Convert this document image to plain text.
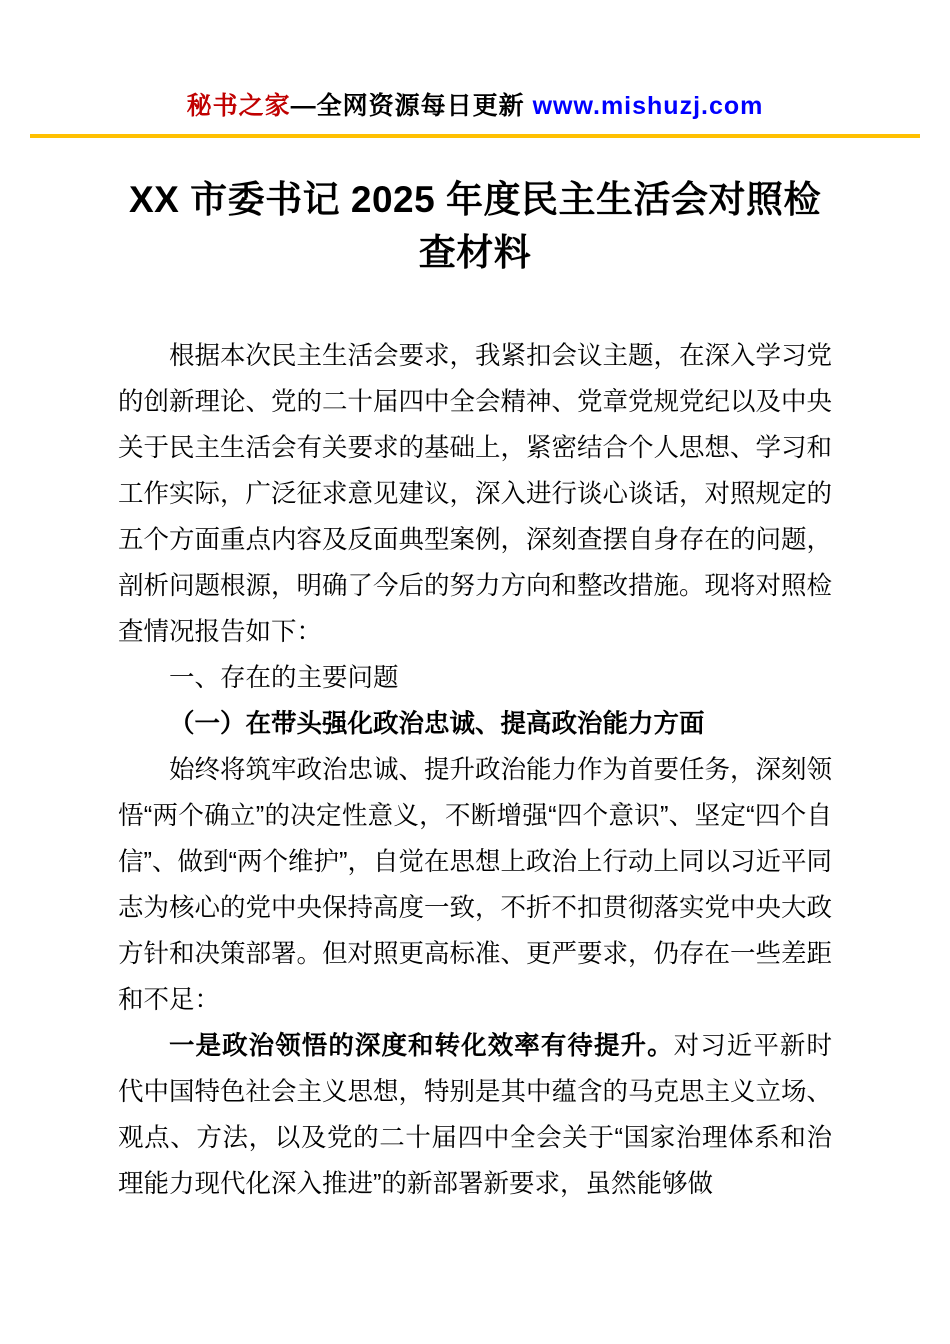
秘书之家—全网资源每日更新 www.mishuzj.com
XX 市委书记 2025 年度民主生活会对照检查材料

根据本次民主生活会要求，我紧扣会议主题，在深入学习党的创新理论、党的二十届四中全会精神、党章党规党纪以及中央关于民主生活会有关要求的基础上，紧密结合个人思想、学习和工作实际，广泛征求意见建议，深入进行谈心谈话，对照规定的五个方面重点内容及反面典型案例，深刻查摆自身存在的问题，剖析问题根源，明确了今后的努力方向和整改措施。现将对照检查情况报告如下：

一、存在的主要问题

（一）在带头强化政治忠诚、提高政治能力方面

始终将筑牢政治忠诚、提升政治能力作为首要任务，深刻领悟“两个确立”的决定性意义，不断增强“四个意识”、坚定“四个自信”、做到“两个维护”，自觉在思想上政治上行动上同以习近平同志为核心的党中央保持高度一致，不折不扣贯彻落实党中央大政方针和决策部署。但对照更高标准、更严要求，仍存在一些差距和不足：

一是政治领悟的深度和转化效率有待提升。对习近平新时代中国特色社会主义思想，特别是其中蕴含的马克思主义立场、观点、方法，以及党的二十届四中全会关于“国家治理体系和治理能力现代化深入推进”的新部署新要求，虽然能够做
